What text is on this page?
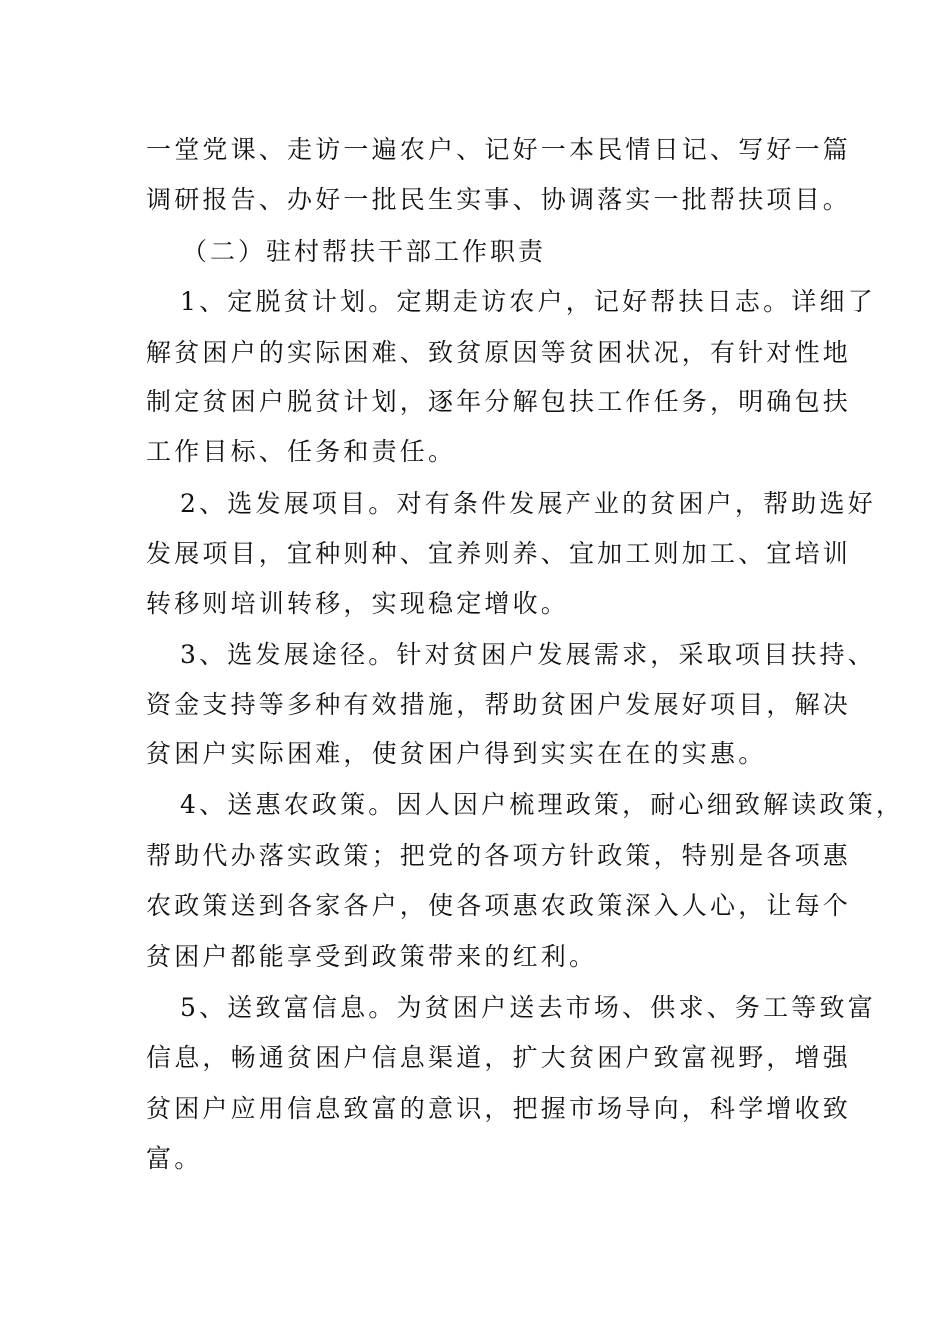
一堂党课、走访一遍农户、记好一本民情日记、写好一篇
调研报告、办好一批民生实事、协调落实一批帮扶项目。
（二）驻村帮扶干部工作职责
1、定脱贫计划。定期走访农户，记好帮扶日志。详细了
解贫困户的实际困难、致贫原因等贫困状况，有针对性地
制定贫困户脱贫计划，逐年分解包扶工作任务，明确包扶
工作目标、任务和责任。
2、选发展项目。对有条件发展产业的贫困户，帮助选好
发展项目，宜种则种、宜养则养、宜加工则加工、宜培训
转移则培训转移，实现稳定增收。
3、选发展途径。针对贫困户发展需求，采取项目扶持、
资金支持等多种有效措施，帮助贫困户发展好项目，解决
贫困户实际困难，使贫困户得到实实在在的实惠。
4、送惠农政策。因人因户梳理政策，耐心细致解读政策，
帮助代办落实政策；把党的各项方针政策，特别是各项惠
农政策送到各家各户，使各项惠农政策深入人心，让每个
贫困户都能享受到政策带来的红利。
5、送致富信息。为贫困户送去市场、供求、务工等致富
信息，畅通贫困户信息渠道，扩大贫困户致富视野，增强
贫困户应用信息致富的意识，把握市场导向，科学增收致
富。
